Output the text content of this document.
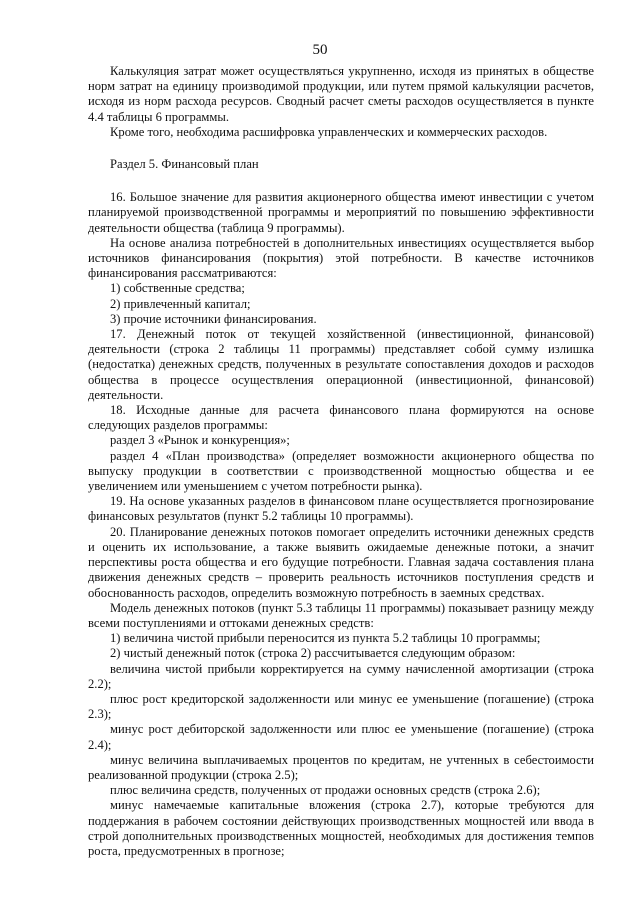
50

Калькуляция затрат может осуществляться укрупненно, исходя из принятых в обществе норм затрат на единицу производимой продукции, или путем прямой калькуляции расчетов, исходя из норм расхода ресурсов. Сводный расчет сметы расходов осуществляется в пункте 4.4 таблицы 6 программы.

Кроме того, необходима расшифровка управленческих и коммерческих расходов.

Раздел 5. Финансовый план

16. Большое значение для развития акционерного общества имеют инвестиции с учетом планируемой производственной программы и мероприятий по повышению эффективности деятельности общества (таблица 9 программы).

На основе анализа потребностей в дополнительных инвестициях осуществляется выбор источников финансирования (покрытия) этой потребности. В качестве источников финансирования рассматриваются:

1) собственные средства;

2) привлеченный капитал;

3) прочие источники финансирования.

17. Денежный поток от текущей хозяйственной (инвестиционной, финансовой) деятельности (строка 2 таблицы 11 программы) представляет собой сумму излишка (недостатка) денежных средств, полученных в результате сопоставления доходов и расходов общества в процессе осуществления операционной (инвестиционной, финансовой) деятельности.

18. Исходные данные для расчета финансового плана формируются на основе следующих разделов программы:

раздел 3 «Рынок и конкуренция»;

раздел 4 «План производства» (определяет возможности акционерного общества по выпуску продукции в соответствии с производственной мощностью общества и ее увеличением или уменьшением с учетом потребности рынка).

19. На основе указанных разделов в финансовом плане осуществляется прогнозирование финансовых результатов (пункт 5.2 таблицы 10 программы).

20. Планирование денежных потоков помогает определить источники денежных средств и оценить их использование, а также выявить ожидаемые денежные потоки, а значит перспективы роста общества и его будущие потребности. Главная задача составления плана движения денежных средств – проверить реальность источников поступления средств и обоснованность расходов, определить возможную потребность в заемных средствах.

Модель денежных потоков (пункт 5.3 таблицы 11 программы) показывает разницу между всеми поступлениями и оттоками денежных средств:

1) величина чистой прибыли переносится из пункта 5.2 таблицы 10 программы;

2) чистый денежный поток (строка 2) рассчитывается следующим образом:

величина чистой прибыли корректируется на сумму начисленной амортизации (строка 2.2);

плюс рост кредиторской задолженности или минус ее уменьшение (погашение) (строка 2.3);

минус рост дебиторской задолженности или плюс ее уменьшение (погашение) (строка 2.4);

минус величина выплачиваемых процентов по кредитам, не учтенных в себестоимости реализованной продукции (строка 2.5);

плюс величина средств, полученных от продажи основных средств (строка 2.6);

минус намечаемые капитальные вложения (строка 2.7), которые требуются для поддержания в рабочем состоянии действующих производственных мощностей или ввода в строй дополнительных производственных мощностей, необходимых для достижения темпов роста, предусмотренных в прогнозе;
